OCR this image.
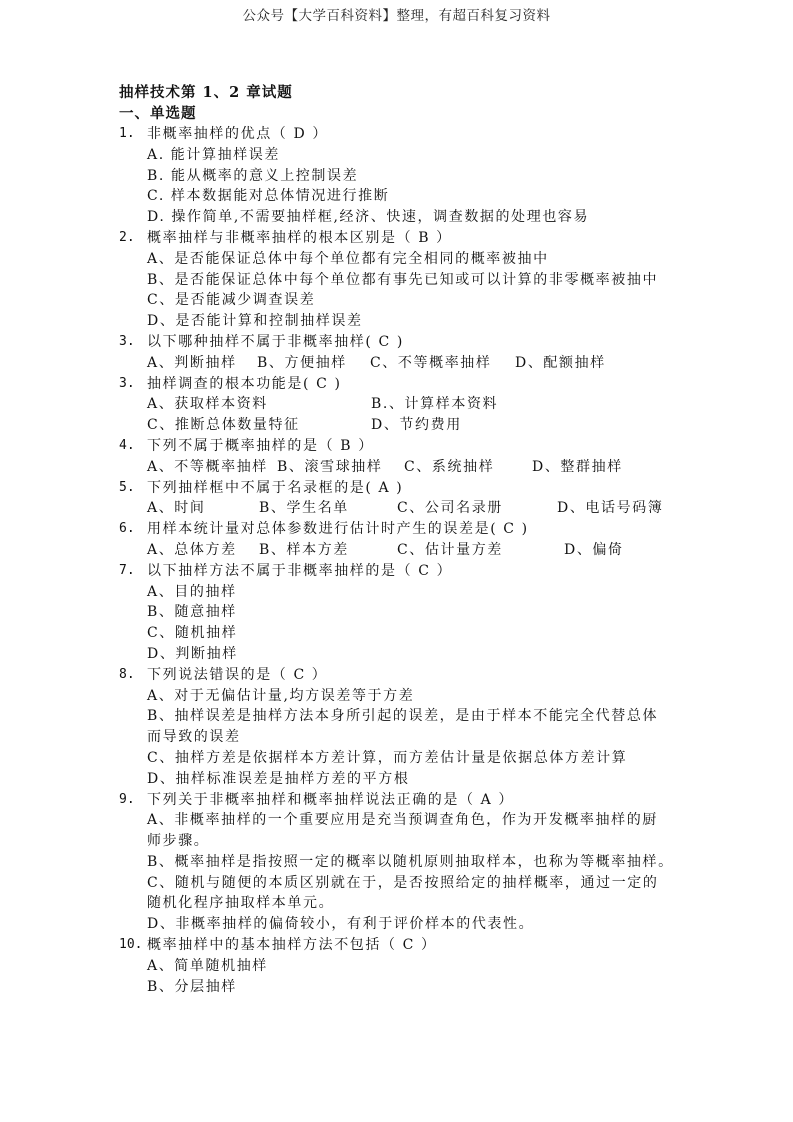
公众号【大学百科资料】整理，有超百科复习资料
抽样技术第 1、2 章试题
一、单选题
1. 非概率抽样的优点（ D ）
A. 能计算抽样误差
B. 能从概率的意义上控制误差
C. 样本数据能对总体情况进行推断
D. 操作简单,不需要抽样框,经济、快速，调查数据的处理也容易
2. 概率抽样与非概率抽样的根本区别是（ B ）
A、是否能保证总体中每个单位都有完全相同的概率被抽中
B、是否能保证总体中每个单位都有事先已知或可以计算的非零概率被抽中
C、是否能减少调查误差
D、是否能计算和控制抽样误差
3. 以下哪种抽样不属于非概率抽样( C )
A、判断抽样	B、方便抽样	C、不等概率抽样	D、配额抽样
3. 抽样调查的根本功能是( C )
A、获取样本资料	B.、计算样本资料
C、推断总体数量特征	D、节约费用
4. 下列不属于概率抽样的是（ B ）
A、不等概率抽样 B、滚雪球抽样	C、系统抽样	D、整群抽样
5. 下列抽样框中不属于名录框的是( A )
A、时间	B、学生名单	C、公司名录册	D、电话号码簿
6. 用样本统计量对总体参数进行估计时产生的误差是( C )
A、总体方差	B、样本方差	C、估计量方差	D、偏倚
7. 以下抽样方法不属于非概率抽样的是（ C ）
A、目的抽样
B、随意抽样
C、随机抽样
D、判断抽样
8. 下列说法错误的是（ C ）
A、对于无偏估计量,均方误差等于方差
B、抽样误差是抽样方法本身所引起的误差，是由于样本不能完全代替总体
而导致的误差
C、抽样方差是依据样本方差计算，而方差估计量是依据总体方差计算
D、抽样标准误差是抽样方差的平方根
9. 下列关于非概率抽样和概率抽样说法正确的是（ A ）
A、非概率抽样的一个重要应用是充当预调查角色，作为开发概率抽样的厨
师步骤。
B、概率抽样是指按照一定的概率以随机原则抽取样本，也称为等概率抽样。
C、随机与随便的本质区别就在于，是否按照给定的抽样概率，通过一定的
随机化程序抽取样本单元。
D、非概率抽样的偏倚较小，有利于评价样本的代表性。
10. 概率抽样中的基本抽样方法不包括（ C ）
A、简单随机抽样
B、分层抽样
